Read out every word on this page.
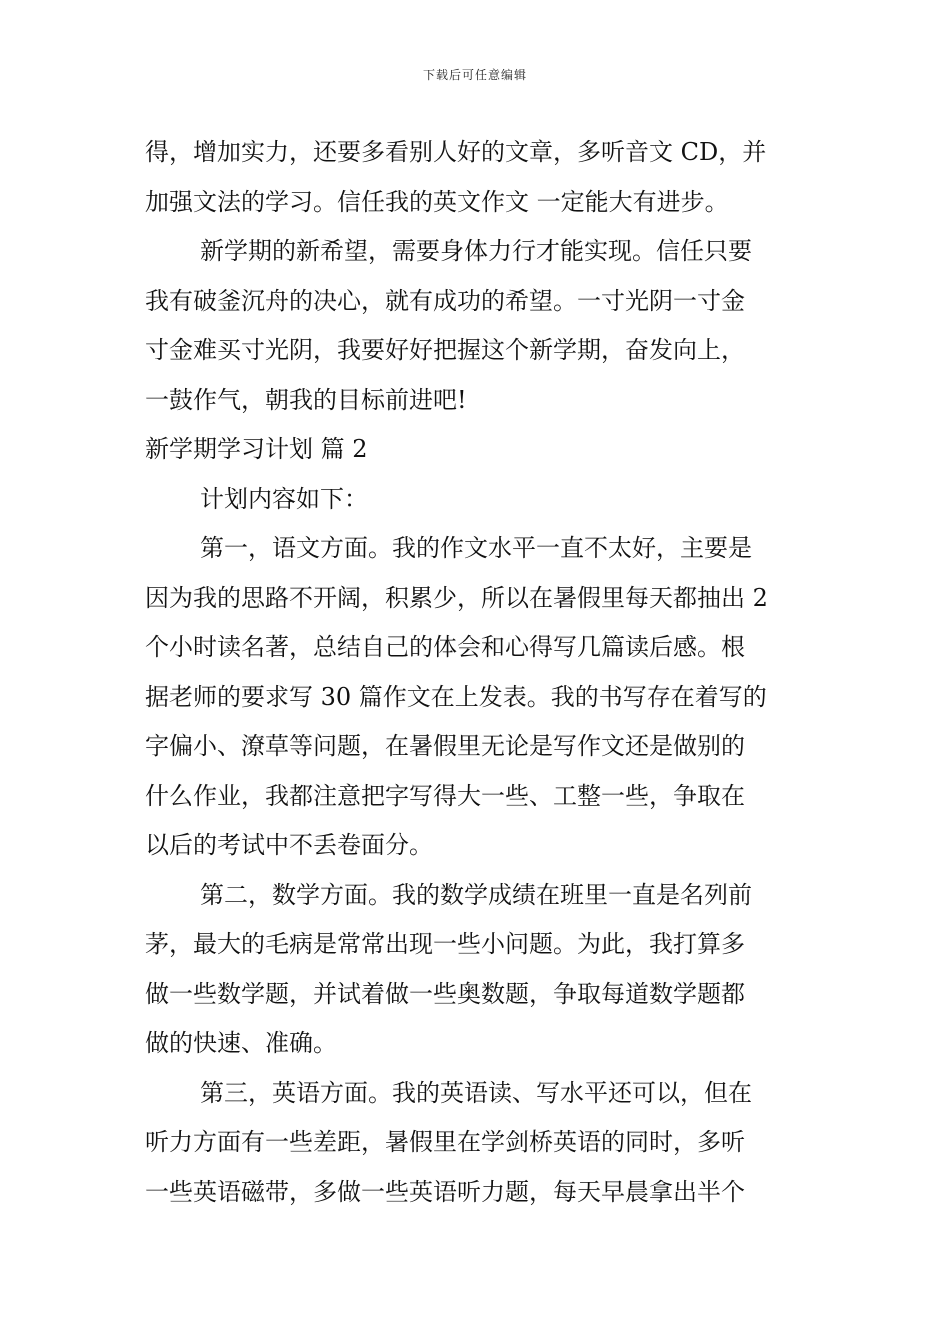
下载后可任意编辑
得，增加实力，还要多看别人好的文章，多听音文 CD，并
加强文法的学习。信任我的英文作文 一定能大有进步。
新学期的新希望，需要身体力行才能实现。信任只要
我有破釜沉舟的决心，就有成功的希望。一寸光阴一寸金
寸金难买寸光阴，我要好好把握这个新学期，奋发向上，
一鼓作气，朝我的目标前进吧!
新学期学习计划 篇 2
计划内容如下：
第一，语文方面。我的作文水平一直不太好，主要是
因为我的思路不开阔，积累少，所以在暑假里每天都抽出 2
个小时读名著，总结自己的体会和心得写几篇读后感。根
据老师的要求写 30 篇作文在上发表。我的书写存在着写的
字偏小、潦草等问题，在暑假里无论是写作文还是做别的
什么作业，我都注意把字写得大一些、工整一些，争取在
以后的考试中不丢卷面分。
第二，数学方面。我的数学成绩在班里一直是名列前
茅，最大的毛病是常常出现一些小问题。为此，我打算多
做一些数学题，并试着做一些奥数题，争取每道数学题都
做的快速、准确。
第三，英语方面。我的英语读、写水平还可以，但在
听力方面有一些差距，暑假里在学剑桥英语的同时，多听
一些英语磁带，多做一些英语听力题，每天早晨拿出半个
